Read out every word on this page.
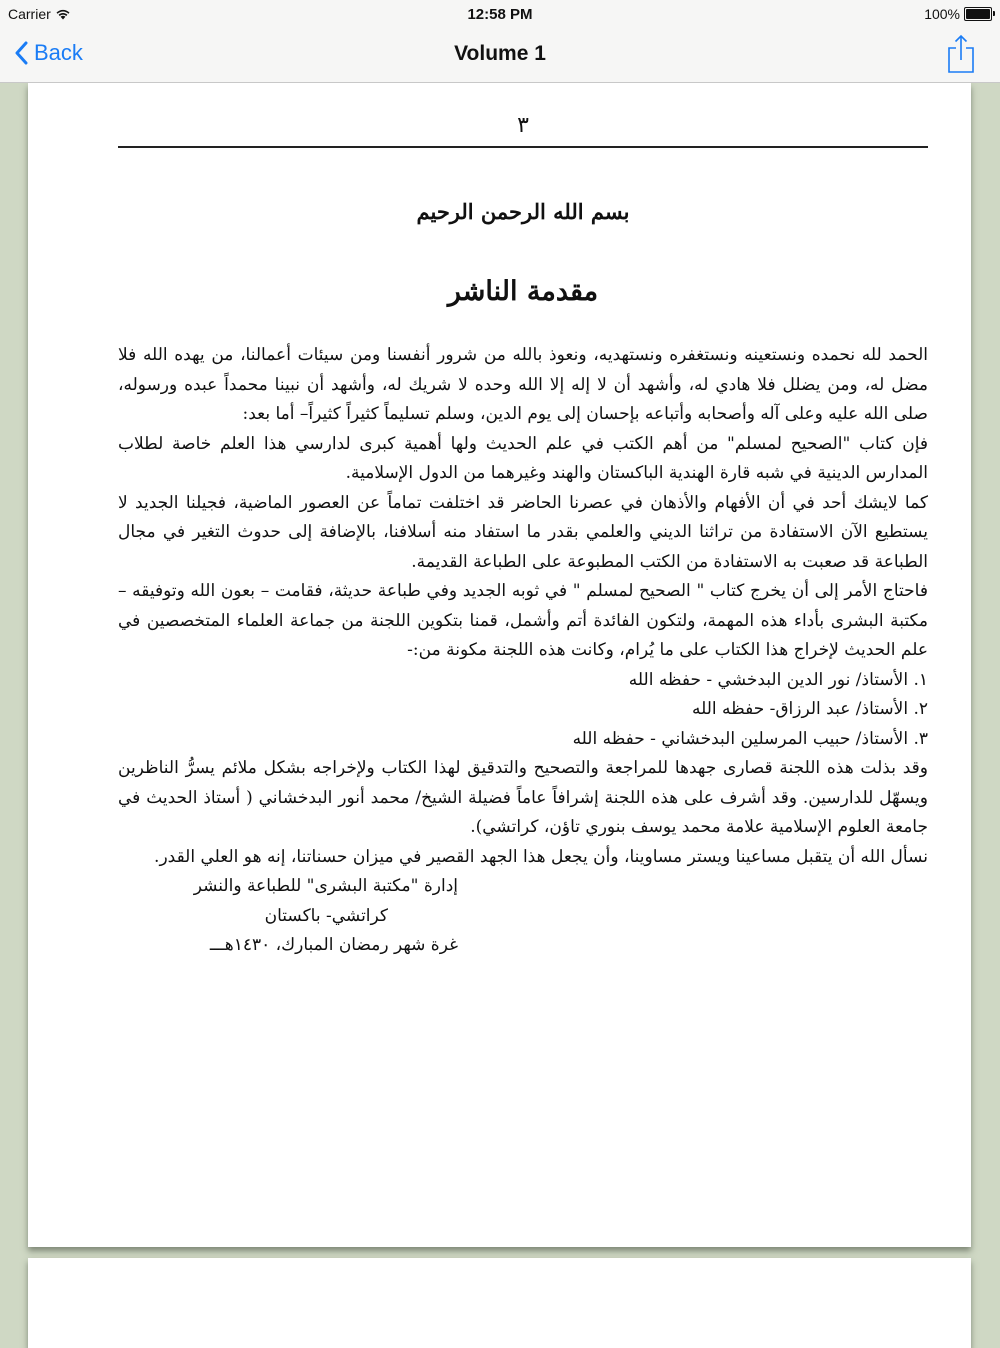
Carrier	12:58 PM	100%
Back	Volume 1
٣
بسم الله الرحمن الرحيم
مقدمة الناشر

الحمد لله نحمده ونستعينه ونستغفره ونستهديه، ونعوذ بالله من شرور أنفسنا ومن سيئات أعمالنا، من يهده الله فلا مضل له، ومن يضلل فلا هادي له، وأشهد أن لا إله إلا الله وحده لا شريك له، وأشهد أن نبينا محمداً عبده ورسوله، صلى الله عليه وعلى آله وأصحابه وأتباعه بإحسان إلى يوم الدين، وسلم تسليماً كثيراً كثيراً– أما بعد:

فإن كتاب "الصحيح لمسلم" من أهم الكتب في علم الحديث ولها أهمية كبرى لدارسي هذا العلم خاصة لطلاب المدارس الدينية في شبه قارة الهندية الباكستان والهند وغيرهما من الدول الإسلامية.

كما لايشك أحد في أن الأفهام والأذهان في عصرنا الحاضر قد اختلفت تماماً عن العصور الماضية، فجيلنا الجديد لا يستطيع الآن الاستفادة من تراثنا الديني والعلمي بقدر ما استفاد منه أسلافنا، بالإضافة إلى حدوث التغير في مجال الطباعة قد صعبت به الاستفادة من الكتب المطبوعة على الطباعة القديمة.

فاحتاج الأمر إلى أن يخرج كتاب " الصحيح لمسلم " في ثوبه الجديد وفي طباعة حديثة، فقامت – بعون الله وتوفيقه – مكتبة البشرى بأداء هذه المهمة، ولتكون الفائدة أتم وأشمل، قمنا بتكوين اللجنة من جماعة العلماء المتخصصين في علم الحديث لإخراج هذا الكتاب على ما يُرام، وكانت هذه اللجنة مكونة من:-

١. الأستاذ/ نور الدين البدخشي - حفظه الله
٢. الأستاذ/ عبد الرزاق- حفظه الله
٣. الأستاذ/ حبيب المرسلين البدخشاني - حفظه الله

وقد بذلت هذه اللجنة قصارى جهدها للمراجعة والتصحيح والتدقيق لهذا الكتاب ولإخراجه بشكل ملائم يسرُّ الناظرين ويسهّل للدارسين. وقد أشرف على هذه اللجنة إشرافاً عاماً فضيلة الشيخ/ محمد أنور البدخشاني ( أستاذ الحديث في جامعة العلوم الإسلامية علامة محمد يوسف بنوري تاؤن، كراتشي).

نسأل الله أن يتقبل مساعينا ويستر مساوينا، وأن يجعل هذا الجهد القصير في ميزان حسناتنا، إنه هو العلي القدر.

إدارة "مكتبة البشرى" للطباعة والنشر
كراتشي- باكستان
غرة شهر رمضان المبارك، ١٤٣٠هـــ
